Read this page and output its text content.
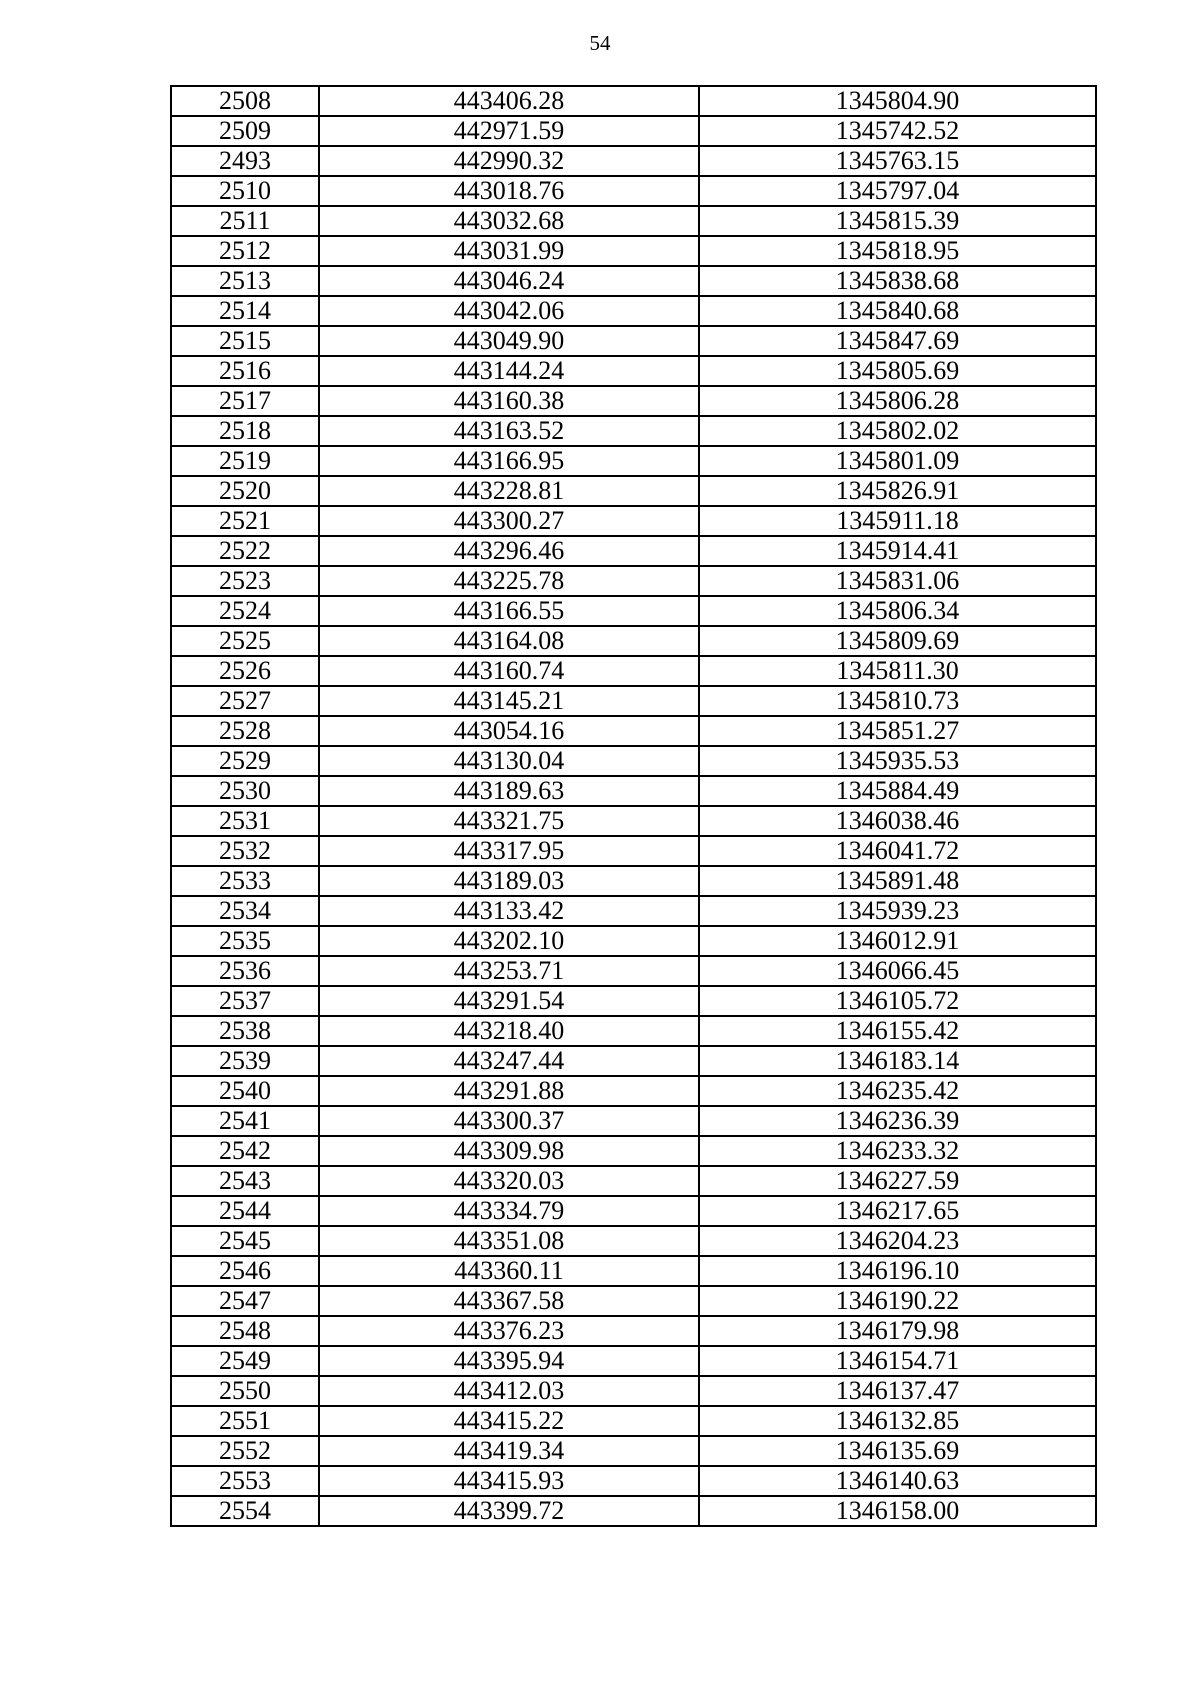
54
2508	443406.28	1345804.90
2509	442971.59	1345742.52
2493	442990.32	1345763.15
2510	443018.76	1345797.04
2511	443032.68	1345815.39
2512	443031.99	1345818.95
2513	443046.24	1345838.68
2514	443042.06	1345840.68
2515	443049.90	1345847.69
2516	443144.24	1345805.69
2517	443160.38	1345806.28
2518	443163.52	1345802.02
2519	443166.95	1345801.09
2520	443228.81	1345826.91
2521	443300.27	1345911.18
2522	443296.46	1345914.41
2523	443225.78	1345831.06
2524	443166.55	1345806.34
2525	443164.08	1345809.69
2526	443160.74	1345811.30
2527	443145.21	1345810.73
2528	443054.16	1345851.27
2529	443130.04	1345935.53
2530	443189.63	1345884.49
2531	443321.75	1346038.46
2532	443317.95	1346041.72
2533	443189.03	1345891.48
2534	443133.42	1345939.23
2535	443202.10	1346012.91
2536	443253.71	1346066.45
2537	443291.54	1346105.72
2538	443218.40	1346155.42
2539	443247.44	1346183.14
2540	443291.88	1346235.42
2541	443300.37	1346236.39
2542	443309.98	1346233.32
2543	443320.03	1346227.59
2544	443334.79	1346217.65
2545	443351.08	1346204.23
2546	443360.11	1346196.10
2547	443367.58	1346190.22
2548	443376.23	1346179.98
2549	443395.94	1346154.71
2550	443412.03	1346137.47
2551	443415.22	1346132.85
2552	443419.34	1346135.69
2553	443415.93	1346140.63
2554	443399.72	1346158.00
